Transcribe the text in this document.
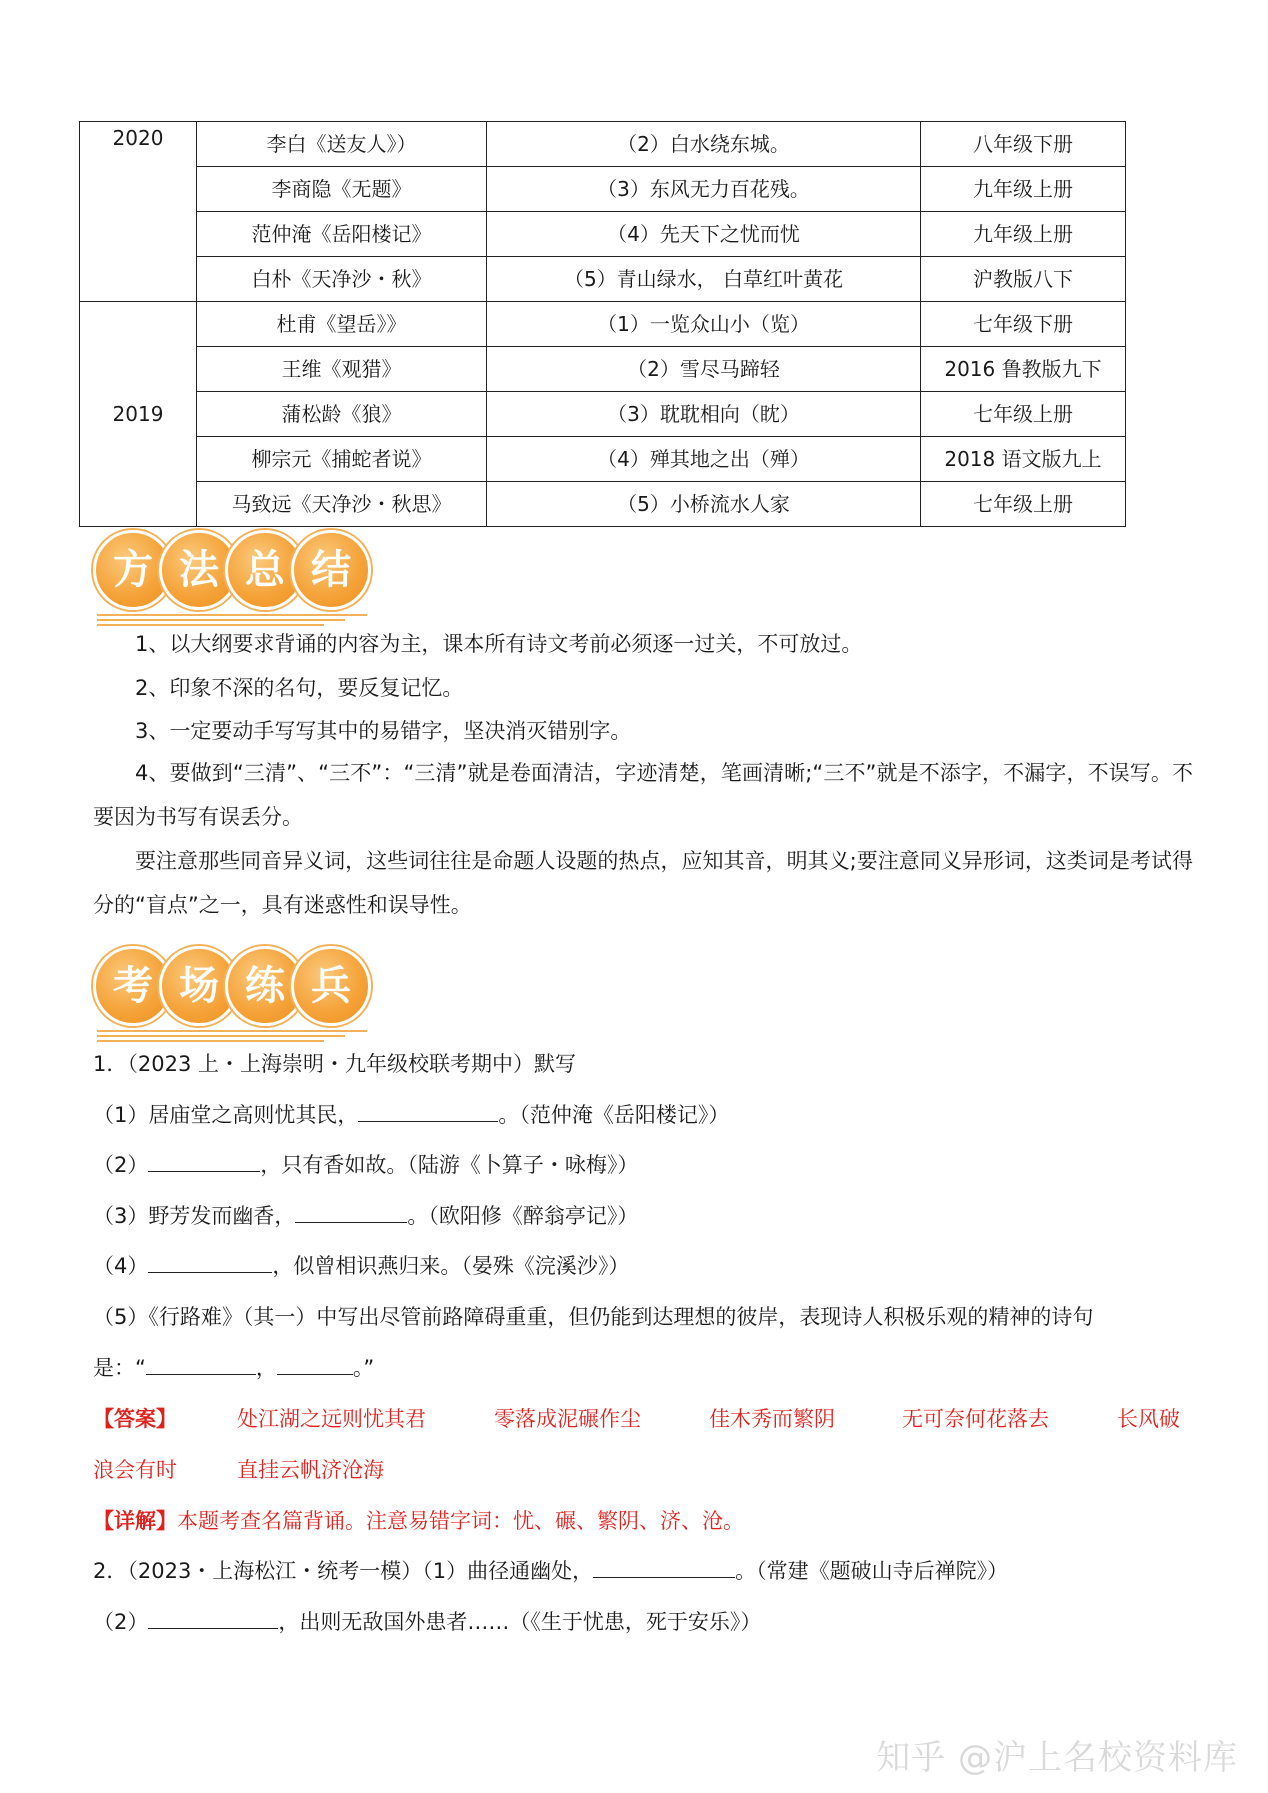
2020	李白《送友人》）	（2）白水绕东城。	八年级下册
	李商隐《无题》	（3）东风无力百花残。	九年级上册
	范仲淹《岳阳楼记》	（4）先天下之忧而忧	九年级上册
	白朴《天净沙・秋》	（5）青山绿水， 白草红叶黄花	沪教版八下
2019	杜甫《望岳》》	（1）一览众山小（览）	七年级下册
	王维《观猎》	（2）雪尽马蹄轻	2016 鲁教版九下
	蒲松龄《狼》	（3）耽耽相向（眈）	七年级上册
	柳宗元《捕蛇者说》	（4）殚其地之出（殚）	2018 语文版九上
	马致远《天净沙・秋思》	（5）小桥流水人家	七年级上册
方 法 总 结
1、以大纲要求背诵的内容为主，课本所有诗文考前必须逐一过关，不可放过。
2、印象不深的名句，要反复记忆。
3、一定要动手写写其中的易错字，坚决消灭错别字。
4、要做到“三清”、“三不”：“三清”就是卷面清洁，字迹清楚，笔画清晰;“三不”就是不添字，不漏字，不误写。不要因为书写有误丢分。
要注意那些同音异义词，这些词往往是命题人设题的热点，应知其音，明其义;要注意同义异形词，这类词是考试得分的“盲点”之一，具有迷惑性和误导性。
考 场 练 兵
1．（2023 上・上海崇明・九年级校联考期中）默写
（1）居庙堂之高则忧其民，	。（范仲淹《岳阳楼记》）
（2）	，只有香如故。（陆游《卜算子・咏梅》）
（3）野芳发而幽香，	。（欧阳修《醉翁亭记》）
（4）	，似曾相识燕归来。（晏殊《浣溪沙》）
（5）《行路难》（其一）中写出尽管前路障碍重重，但仍能到达理想的彼岸，表现诗人积极乐观的精神的诗句
是：“	，	。”
【答案】	处江湖之远则忧其君	零落成泥碾作尘	佳木秀而繁阴	无可奈何花落去	长风破
浪会有时	直挂云帆济沧海
【详解】本题考查名篇背诵。注意易错字词：忧、碾、繁阴、济、沧。
2．（2023・上海松江・统考一模）（1）曲径通幽处，	。（常建《题破山寺后禅院》）
（2）	，出则无敌国外患者……（《生于忧患，死于安乐》）
知乎 @沪上名校资料库
